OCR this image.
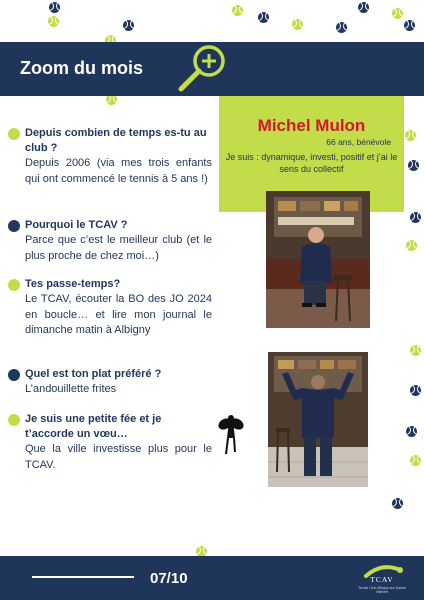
Zoom du mois
Depuis combien de temps es-tu au club ?
Depuis 2006 (via mes trois enfants qui ont commencé le tennis à 5 ans !)
Pourquoi le TCAV ?
Parce que c’est le meilleur club (et le plus proche de chez moi…)
Tes passe-temps?
Le TCAV, écouter la BO des JO 2024 en boucle… et lire mon journal le dimanche matin à Albigny
Quel est ton plat préféré ?
L’andouillette frites
Je suis une petite fée et je t’accorde un vœu…
Que la ville investisse plus pour le TCAV.
Michel Mulon
66 ans, bénévole
Je suis : dynamique, investi, positif et j’ai le sens du collectif
07/10	TCAV
Tennis Club Albigny-sur-Saône Villevert
